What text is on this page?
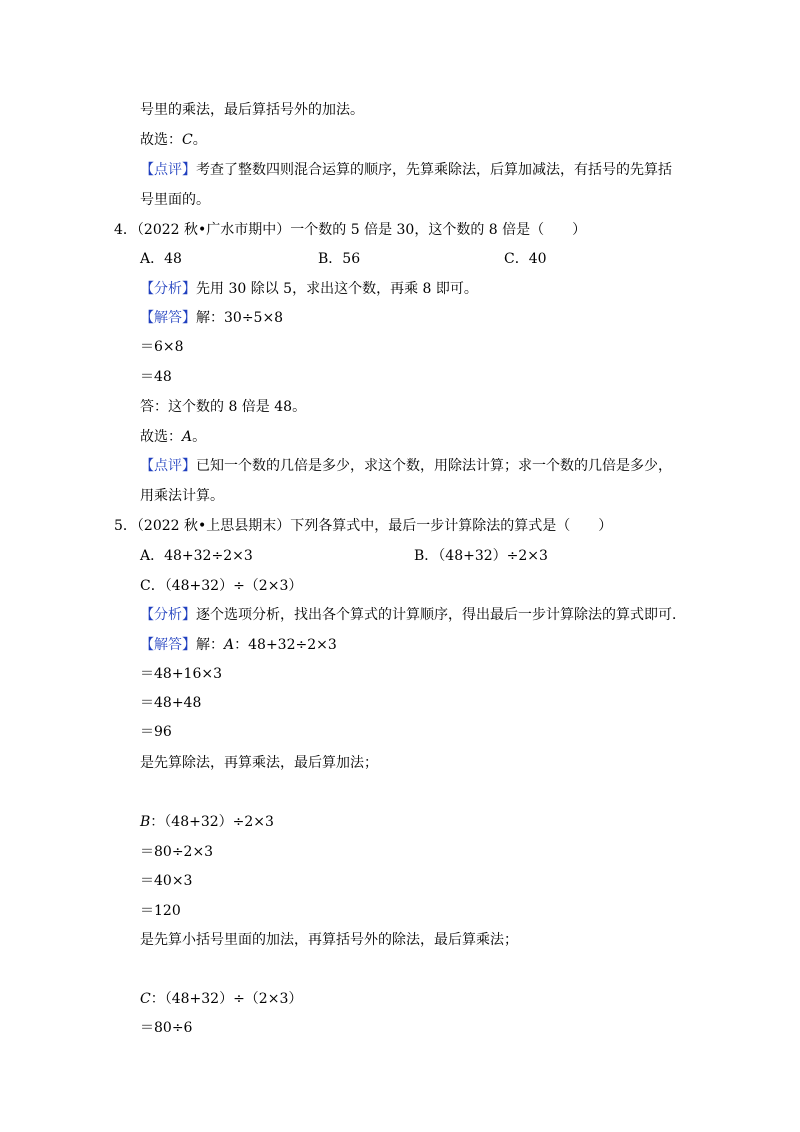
号里的乘法，最后算括号外的加法。
故选：C。
【点评】考查了整数四则混合运算的顺序，先算乘除法，后算加减法，有括号的先算括
号里面的。
4．（2022 秋•广水市期中）一个数的 5 倍是 30，这个数的 8 倍是（　　）
A．48	B．56	C．40
【分析】先用 30 除以 5，求出这个数，再乘 8 即可。
【解答】解：30÷5×8
＝6×8
＝48
答：这个数的 8 倍是 48。
故选：A。
【点评】已知一个数的几倍是多少，求这个数，用除法计算；求一个数的几倍是多少，
用乘法计算。
5．（2022 秋•上思县期末）下列各算式中，最后一步计算除法的算式是（　　）
A．48+32÷2×3	B．（48+32）÷2×3
C．（48+32）÷（2×3）
【分析】逐个选项分析，找出各个算式的计算顺序，得出最后一步计算除法的算式即可．
【解答】解：A：48+32÷2×3
＝48+16×3
＝48+48
＝96
是先算除法，再算乘法，最后算加法；
B：（48+32）÷2×3
＝80÷2×3
＝40×3
＝120
是先算小括号里面的加法，再算括号外的除法，最后算乘法；
C：（48+32）÷（2×3）
＝80÷6
